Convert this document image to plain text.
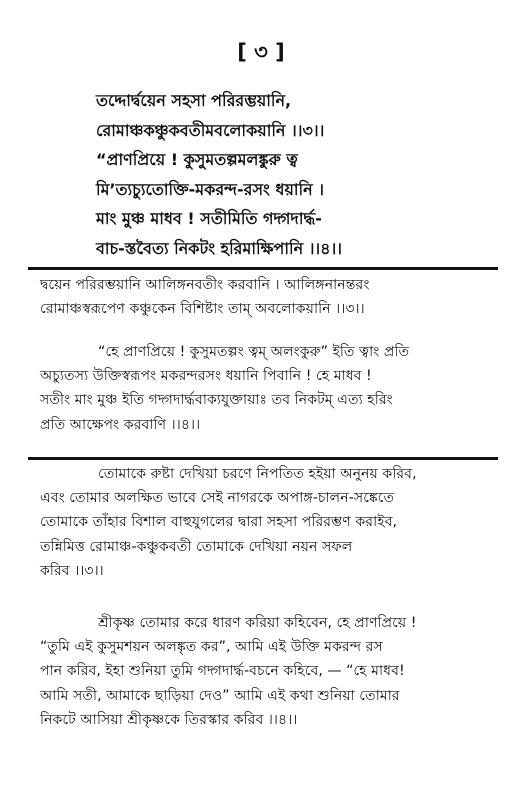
[ ৩ ]
তদ্দোর্দ্বয়েন সহসা পরিরম্ভয়ানি,
রোমাঞ্চকঞ্চুকবতীমবলোকয়ানি ।।৩।।
“প্রাণপ্রিয়ে ! কুসুমতল্পমলঙ্কুরু ত্ব
মি’ত্যচ্যুতোক্তি-মকরন্দ-রসং ধয়ানি ।
মাং মুঞ্চ মাধব ! সতীমিতি গদ্গদার্দ্ধ-
বাচ-স্তবৈত্য নিকটং হরিমাক্ষিপানি ।।৪।।
দ্বয়েন পরিরম্ভয়ানি আলিঙ্গনবতীং করবানি । আলিঙ্গনানন্তরং
রোমাঞ্চস্বরূপেণ কঞ্চুকেন বিশিষ্টাং তাম্ অবলোকয়ানি ।।৩।।
“হে প্রাণপ্রিয়ে ! কুসুমতল্পং ত্বম্ অলংকুরু” ইতি ত্বাং প্রতি
অচ্যুতস্য উক্তিস্বরূপং মকরন্দরসং ধয়ানি পিবানি ! হে মাধব !
সতীং মাং মুঞ্চ ইতি গদ্গদার্দ্ধবাক্যযুক্তায়াঃ তব নিকটম্ এত্য হরিং
প্রতি আক্ষেপং করবাণি ।।৪।।
তোমাকে রুষ্টা দেখিয়া চরণে নিপতিত হইয়া অনুনয় করিব,
এবং তোমার অলক্ষিত ভাবে সেই নাগরকে অপাঙ্গ-চালন-সঙ্কেতে
তোমাকে তাঁহার বিশাল বাহুযুগলের দ্বারা সহসা পরিরম্ভণ করাইব,
তন্নিমিত্ত রোমাঞ্চ-কঞ্চুকবতী তোমাকে দেখিয়া নয়ন সফল
করিব ।।৩।।
শ্রীকৃষ্ণ তোমার করে ধারণ করিয়া কহিবেন, হে প্রাণপ্রিয়ে !
“তুমি এই কুসুমশয়ন অলঙ্কৃত কর”, আমি এই উক্তি মকরন্দ রস
পান করিব, ইহা শুনিয়া তুমি গদ্গদার্দ্ধ-বচনে কহিবে, — “হে মাধব!
আমি সতী, আমাকে ছাড়িয়া দেও” আমি এই কথা শুনিয়া তোমার
নিকটে আসিয়া শ্রীকৃষ্ণকে তিরস্কার করিব ।।৪।।
